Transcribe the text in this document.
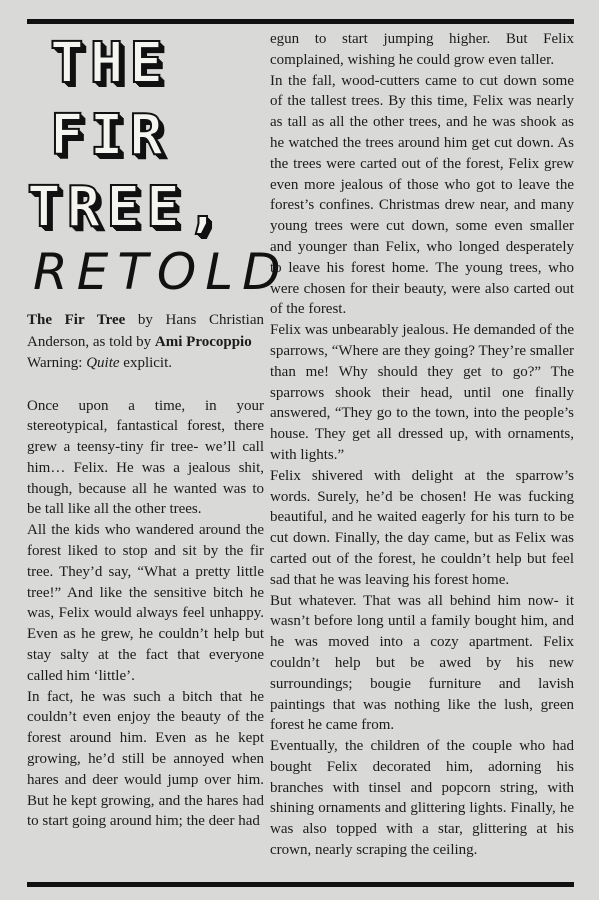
THE
FIR
TREE,
RETOLD
The Fir Tree by Hans Christian Anderson, as told by Ami Procoppio
Warning: Quite explicit.

Once upon a time, in your stereotypical, fantastical forest, there grew a teensy-tiny fir tree- we’ll call him… Felix. He was a jealous shit, though, because all he wanted was to be tall like all the other trees.

All the kids who wandered around the forest liked to stop and sit by the fir tree. They’d say, “What a pretty little tree!” And like the sensitive bitch he was, Felix would always feel unhappy. Even as he grew, he couldn’t help but stay salty at the fact that everyone called him ‘little’.

In fact, he was such a bitch that he couldn’t even enjoy the beauty of the forest around him. Even as he kept growing, he’d still be annoyed when hares and deer would jump over him. But he kept growing, and the hares had to start going around him; the deer had

egun to start jumping higher. But Felix complained, wishing he could grow even taller.

In the fall, wood-cutters came to cut down some of the tallest trees. By this time, Felix was nearly as tall as all the other trees, and he was shook as he watched the trees around him get cut down. As the trees were carted out of the forest, Felix grew even more jealous of those who got to leave the forest’s confines. Christmas drew near, and many young trees were cut down, some even smaller and younger than Felix, who longed desperately to leave his forest home. The young trees, who were chosen for their beauty, were also carted out of the forest.

Felix was unbearably jealous. He demanded of the sparrows, “Where are they going? They’re smaller than me! Why should they get to go?” The sparrows shook their head, until one finally answered, “They go to the town, into the people’s house. They get all dressed up, with ornaments, with lights.”

Felix shivered with delight at the sparrow’s words. Surely, he’d be chosen! He was fucking beautiful, and he waited eagerly for his turn to be cut down. Finally, the day came, but as Felix was carted out of the forest, he couldn’t help but feel sad that he was leaving his forest home.

But whatever. That was all behind him now- it wasn’t before long until a family bought him, and he was moved into a cozy apartment. Felix couldn’t help but be awed by his new surroundings; bougie furniture and lavish paintings that was nothing like the lush, green forest he came from.

Eventually, the children of the couple who had bought Felix decorated him, adorning his branches with tinsel and popcorn string, with shining ornaments and glittering lights. Finally, he was also topped with a star, glittering at his crown, nearly scraping the ceiling.
